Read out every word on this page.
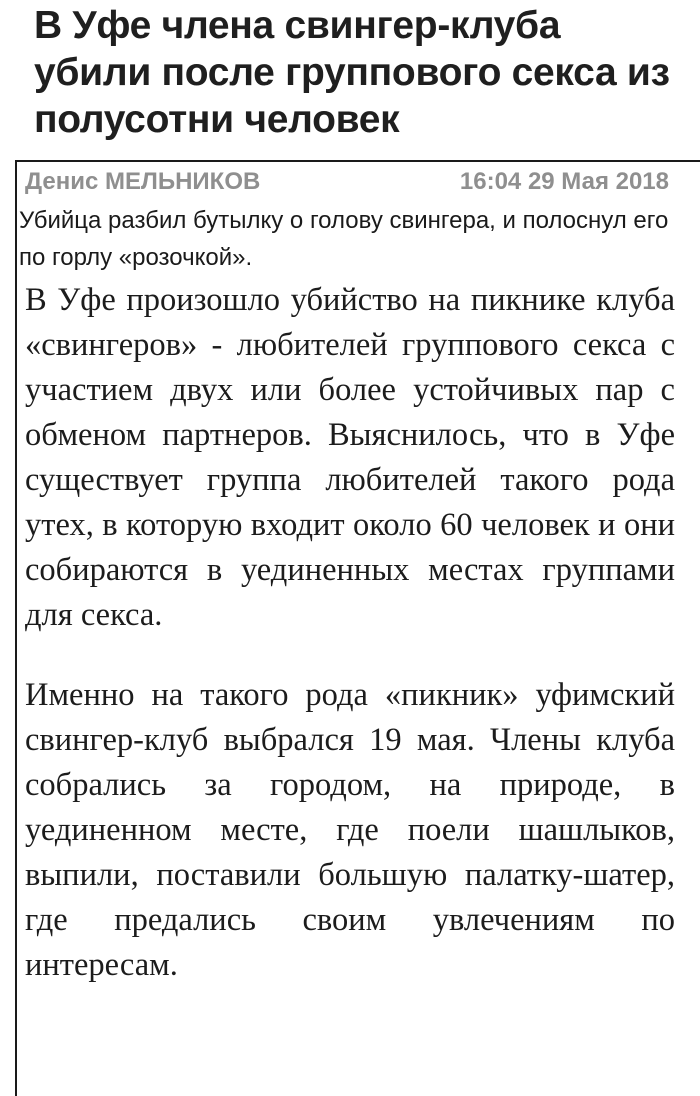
В Уфе члена свингер-клуба убили после группового секса из полусотни человек
Денис МЕЛЬНИКОВ	16:04 29 Мая 2018

Убийца разбил бутылку о голову свингера, и полоснул его по горлу «розочкой».

В Уфе произошло убийство на пикнике клуба «свингеров» - любителей группового секса с участием двух или более устойчивых пар с обменом партнеров. Выяснилось, что в Уфе существует группа любителей такого рода утех, в которую входит около 60 человек и они собираются в уединенных местах группами для секса.

Именно на такого рода «пикник» уфимский свингер-клуб выбрался 19 мая. Члены клуба собрались за городом, на природе, в уединенном месте, где поели шашлыков, выпили, поставили большую палатку-шатер, где предались своим увлечениям по интересам.
